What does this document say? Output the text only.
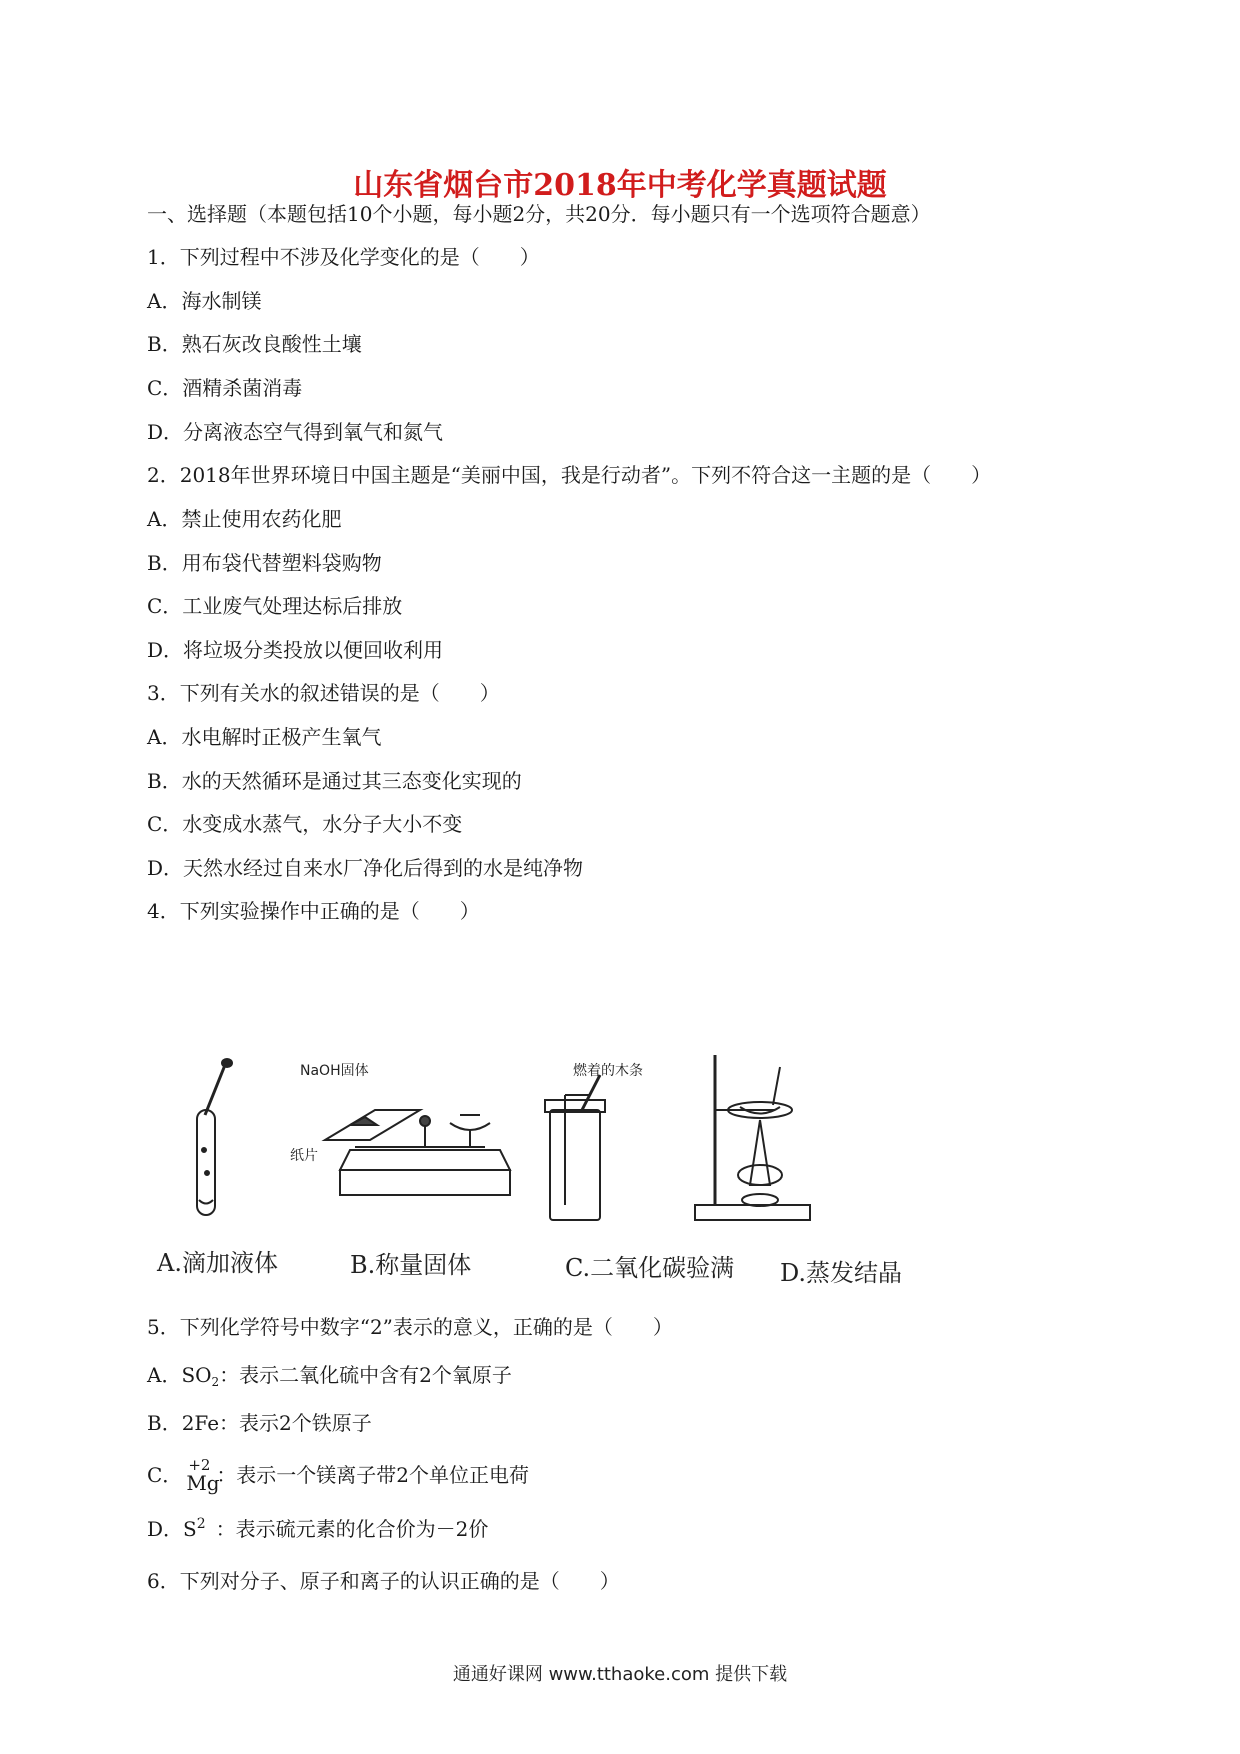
山东省烟台市2018年中考化学真题试题
一、选择题（本题包括10个小题，每小题2分，共20分．每小题只有一个选项符合题意）
1．下列过程中不涉及化学变化的是（　　）
A．海水制镁
B．熟石灰改良酸性土壤
C．酒精杀菌消毒
D．分离液态空气得到氧气和氮气
2．2018年世界环境日中国主题是“美丽中国，我是行动者”。下列不符合这一主题的是（　　）
A．禁止使用农药化肥
B．用布袋代替塑料袋购物
C．工业废气处理达标后排放
D．将垃圾分类投放以便回收利用
3．下列有关水的叙述错误的是（　　）
A．水电解时正极产生氧气
B．水的天然循环是通过其三态变化实现的
C．水变成水蒸气，水分子大小不变
D．天然水经过自来水厂净化后得到的水是纯净物
4．下列实验操作中正确的是（　　）
NaOH固体
纸片
燃着的木条
A.滴加液体	B.称量固体	C.二氧化碳验满 D.蒸发结晶
5．下列化学符号中数字“2”表示的意义，正确的是（　　）
A．$SO_2$：表示二氧化硫中含有2个氧原子
B．2Fe：表示2个铁原子
C． +2
Mg
：表示一个镁离子带2个单位正电荷
D．$S^2$  ：表示硫元素的化合价为－2价
6．下列对分子、原子和离子的认识正确的是（　　）
通通好课网 www.tthaoke.com 提供下载
